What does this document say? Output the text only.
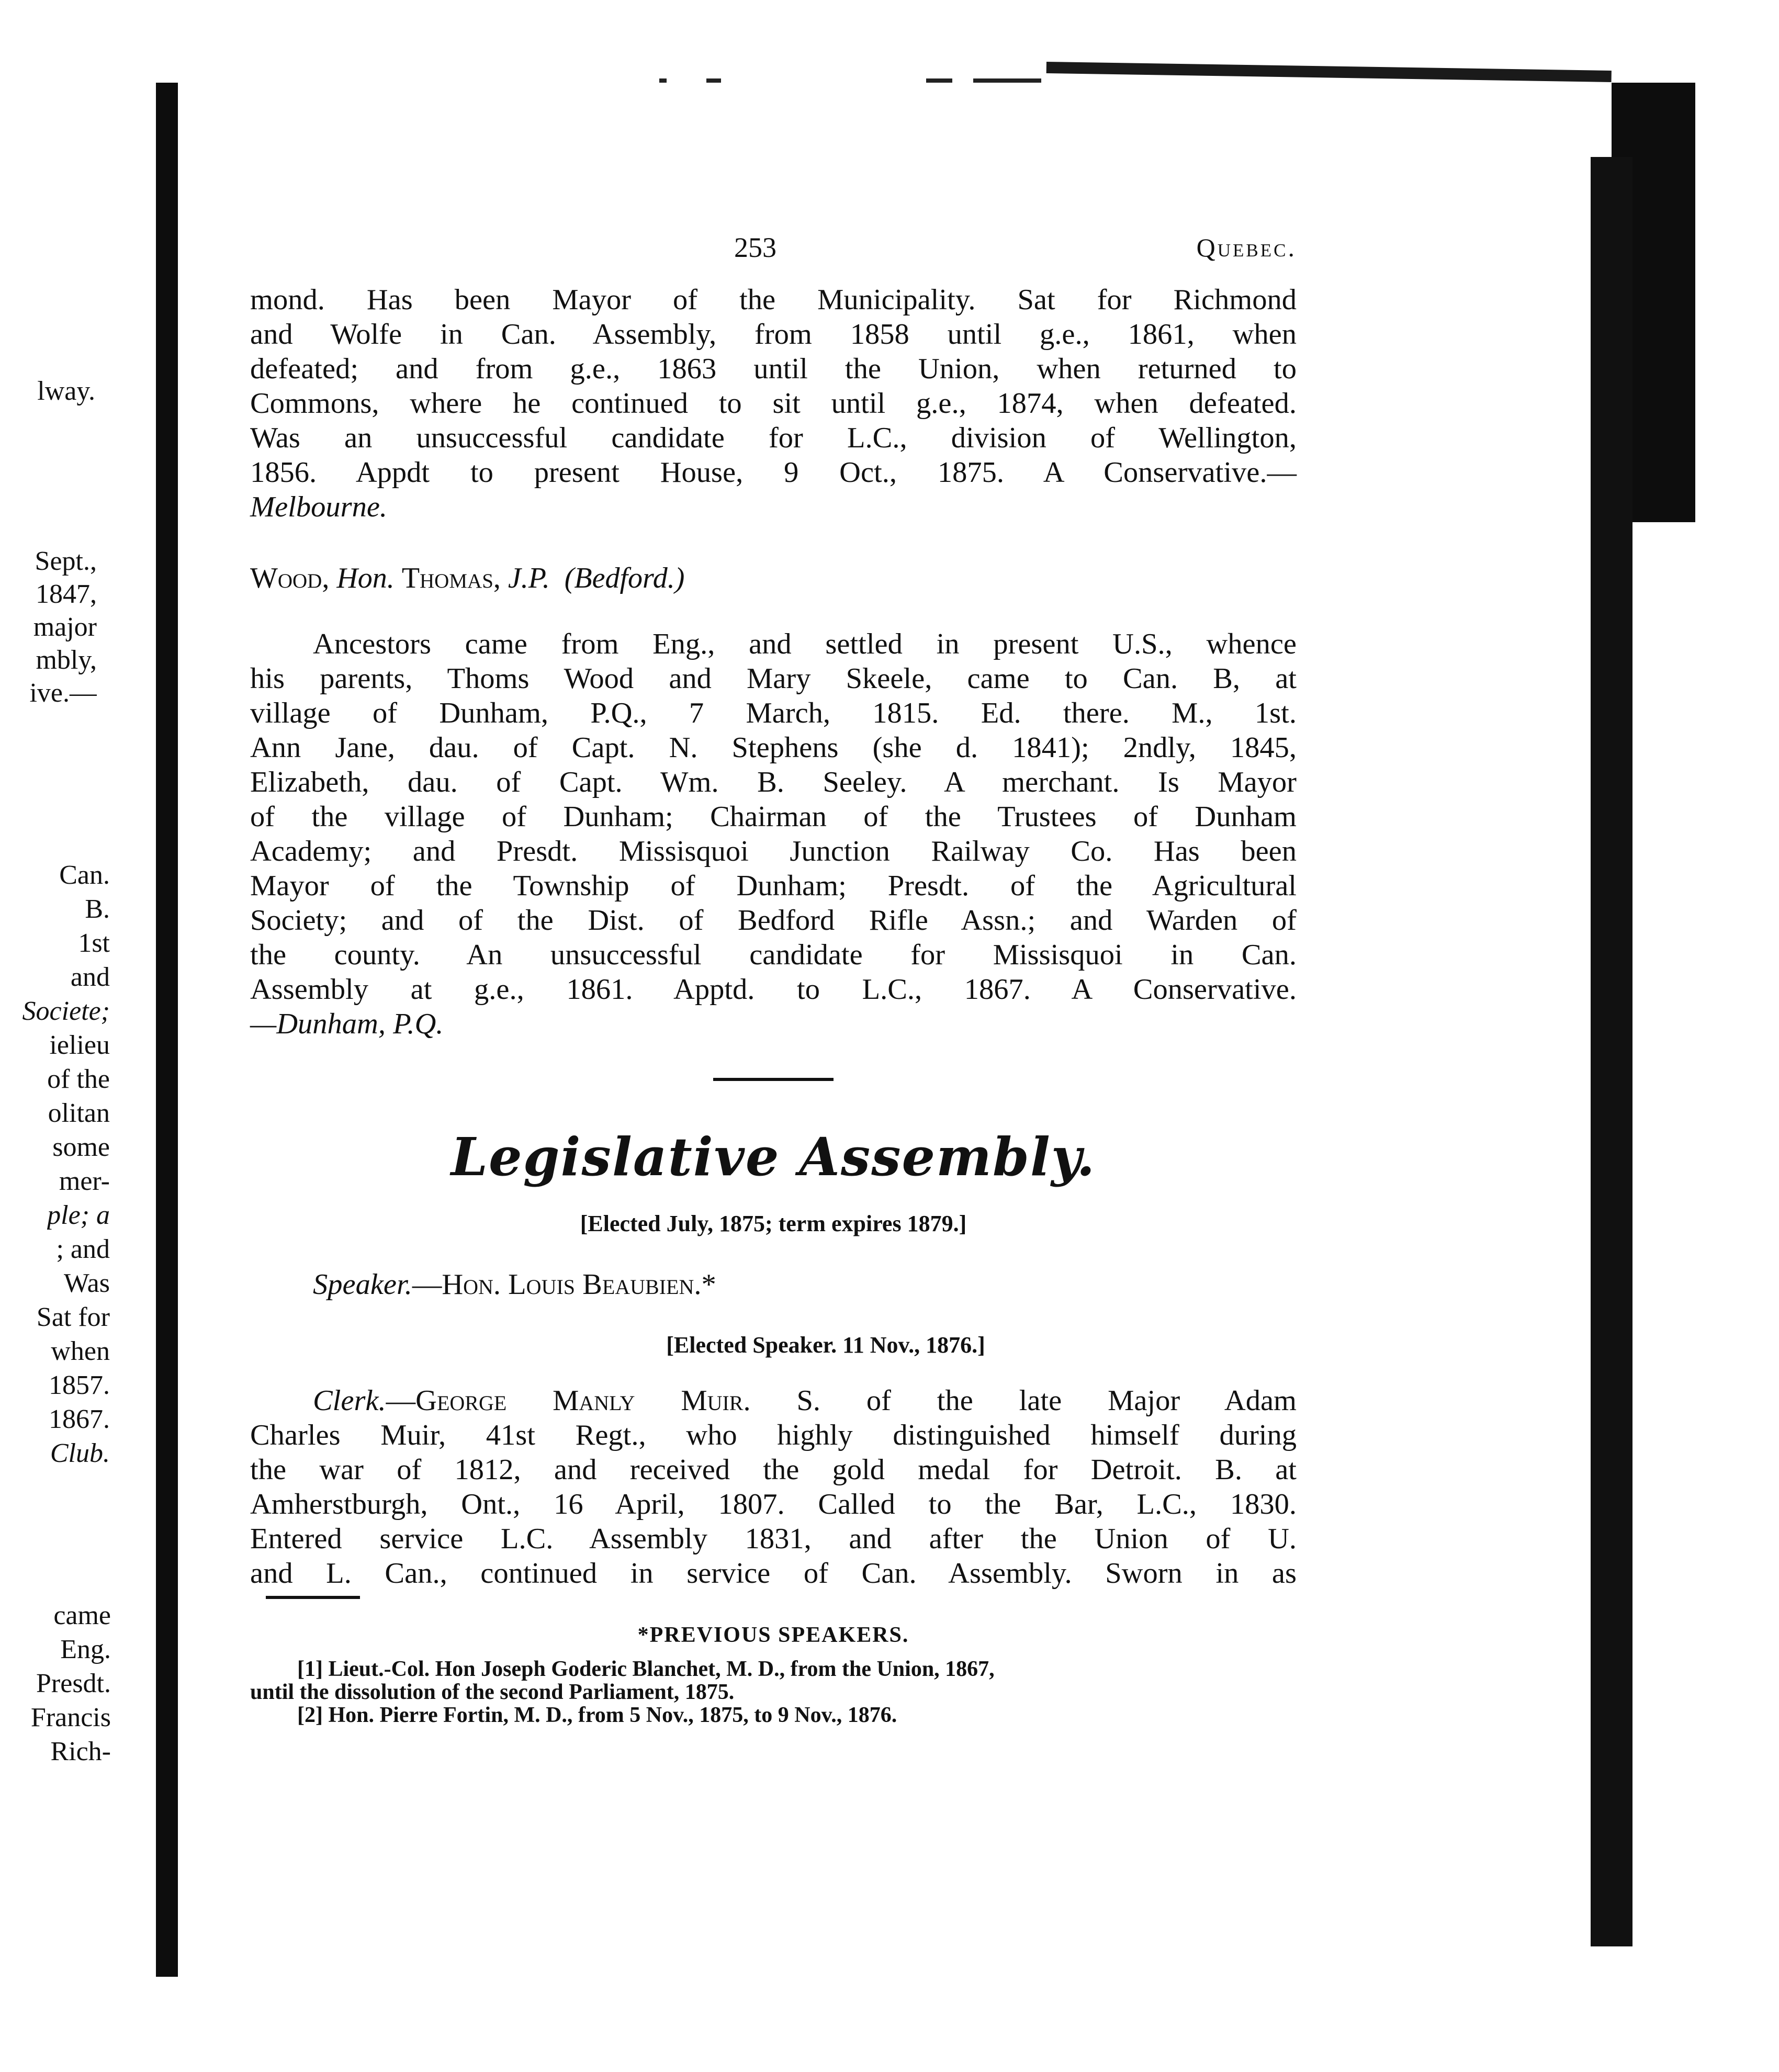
lway.
Sept.,
1847,
major
mbly,
ive.—
Can.
B.
1st
and
Societe;
ielieu
of the
olitan
some
mer-
ple; a
; and
Was
Sat for
when
1857.
1867.
Club.
came
Eng.
Presdt.
Francis
Rich-
253	Quebec.
mond. Has been Mayor of the Municipality. Sat for Richmond
and Wolfe in Can. Assembly, from 1858 until g.e., 1861, when
defeated; and from g.e., 1863 until the Union, when returned to
Commons, where he continued to sit until g.e., 1874, when defeated.
Was an unsuccessful candidate for L.C., division of Wellington,
1856. Appdt to present House, 9 Oct., 1875. A Conservative.—
Melbourne.
Wood, Hon. Thomas, J.P. (Bedford.)
Ancestors came from Eng., and settled in present U.S., whence
his parents, Thoms Wood and Mary Skeele, came to Can. B, at
village of Dunham, P.Q., 7 March, 1815. Ed. there. M., 1st.
Ann Jane, dau. of Capt. N. Stephens (she d. 1841); 2ndly, 1845,
Elizabeth, dau. of Capt. Wm. B. Seeley. A merchant. Is Mayor
of the village of Dunham; Chairman of the Trustees of Dunham
Academy; and Presdt. Missisquoi Junction Railway Co. Has been
Mayor of the Township of Dunham; Presdt. of the Agricultural
Society; and of the Dist. of Bedford Rifle Assn.; and Warden of
the county. An unsuccessful candidate for Missisquoi in Can.
Assembly at g.e., 1861. Apptd. to L.C., 1867. A Conservative.
—Dunham, P.Q.
Legislative Assembly.
[Elected July, 1875; term expires 1879.]
Speaker.—Hon. Louis Beaubien.*
[Elected Speaker. 11 Nov., 1876.]
Clerk.—George Manly Muir. S. of the late Major Adam
Charles Muir, 41st Regt., who highly distinguished himself during
the war of 1812, and received the gold medal for Detroit. B. at
Amherstburgh, Ont., 16 April, 1807. Called to the Bar, L.C., 1830.
Entered service L.C. Assembly 1831, and after the Union of U.
and L. Can., continued in service of Can. Assembly. Sworn in as
*PREVIOUS SPEAKERS.
[1] Lieut.-Col. Hon Joseph Goderic Blanchet, M. D., from the Union, 1867,
until the dissolution of the second Parliament, 1875.
[2] Hon. Pierre Fortin, M. D., from 5 Nov., 1875, to 9 Nov., 1876.
